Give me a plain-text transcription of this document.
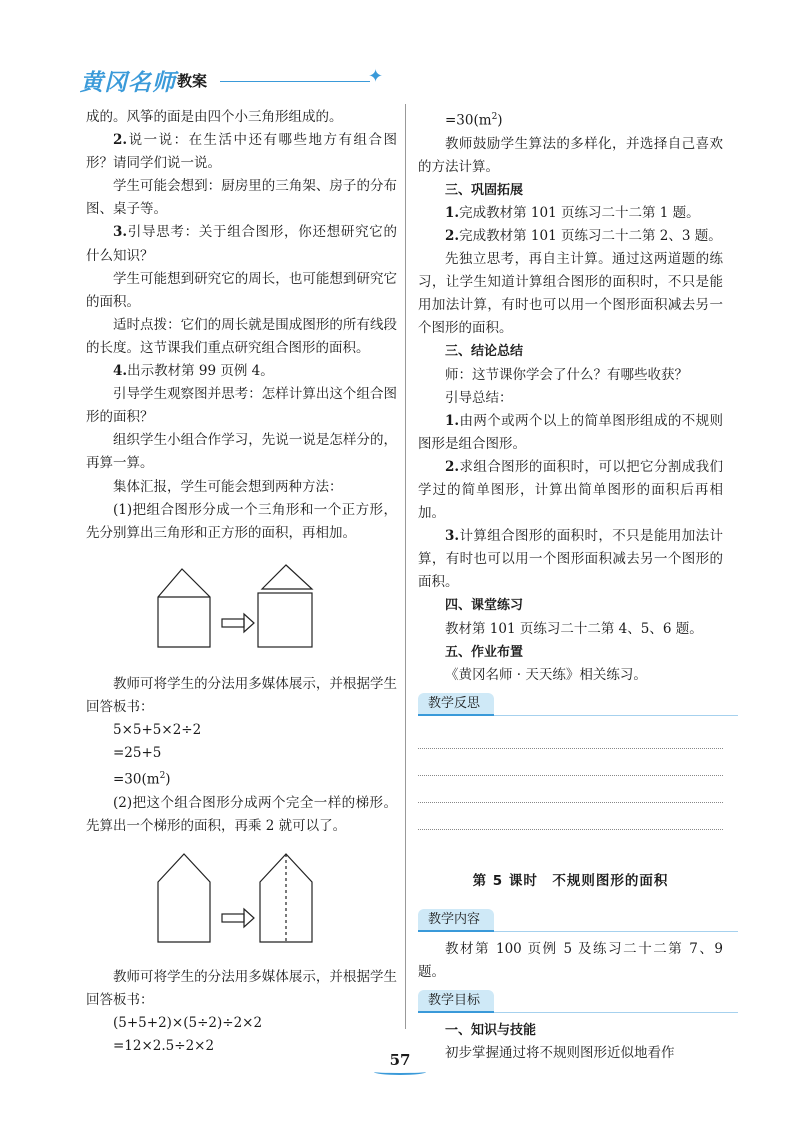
黄冈名师 教案	✦

成的。风筝的面是由四个小三角形组成的。

2.说一说：在生活中还有哪些地方有组合图形？请同学们说一说。

学生可能会想到：厨房里的三角架、房子的分布图、桌子等。

3.引导思考：关于组合图形，你还想研究它的什么知识？

学生可能想到研究它的周长，也可能想到研究它的面积。

适时点拨：它们的周长就是围成图形的所有线段的长度。这节课我们重点研究组合图形的面积。

4.出示教材第 99 页例 4。

引导学生观察图并思考：怎样计算出这个组合图形的面积？

组织学生小组合作学习，先说一说是怎样分的，再算一算。

集体汇报，学生可能会想到两种方法：

(1)把组合图形分成一个三角形和一个正方形，先分别算出三角形和正方形的面积，再相加。

教师可将学生的分法用多媒体展示，并根据学生回答板书：

5×5+5×2÷2

=25+5

$=30(m^2)$

(2)把这个组合图形分成两个完全一样的梯形。先算出一个梯形的面积，再乘 2 就可以了。

教师可将学生的分法用多媒体展示，并根据学生回答板书：

(5+5+2)×(5÷2)÷2×2

=12×2.5÷2×2

$=30(m^2)$

教师鼓励学生算法的多样化，并选择自己喜欢的方法计算。

三、巩固拓展

1.完成教材第 101 页练习二十二第 1 题。

2.完成教材第 101 页练习二十二第 2、3 题。

先独立思考，再自主计算。通过这两道题的练习，让学生知道计算组合图形的面积时，不只是能用加法计算，有时也可以用一个图形面积减去另一个图形的面积。

三、结论总结

师：这节课你学会了什么？有哪些收获？

引导总结：

1.由两个或两个以上的简单图形组成的不规则图形是组合图形。

2.求组合图形的面积时，可以把它分割成我们学过的简单图形，计算出简单图形的面积后再相加。

3.计算组合图形的面积时，不只是能用加法计算，有时也可以用一个图形面积减去另一个图形的面积。

四、课堂练习

教材第 101 页练习二十二第 4、5、6 题。

五、作业布置

《黄冈名师 · 天天练》相关练习。

教学反思
第 5 课时　不规则图形的面积
教学内容

教材第 100 页例 5 及练习二十二第 7、9 题。

教学目标

一、知识与技能

初步掌握通过将不规则图形近似地看作

57
